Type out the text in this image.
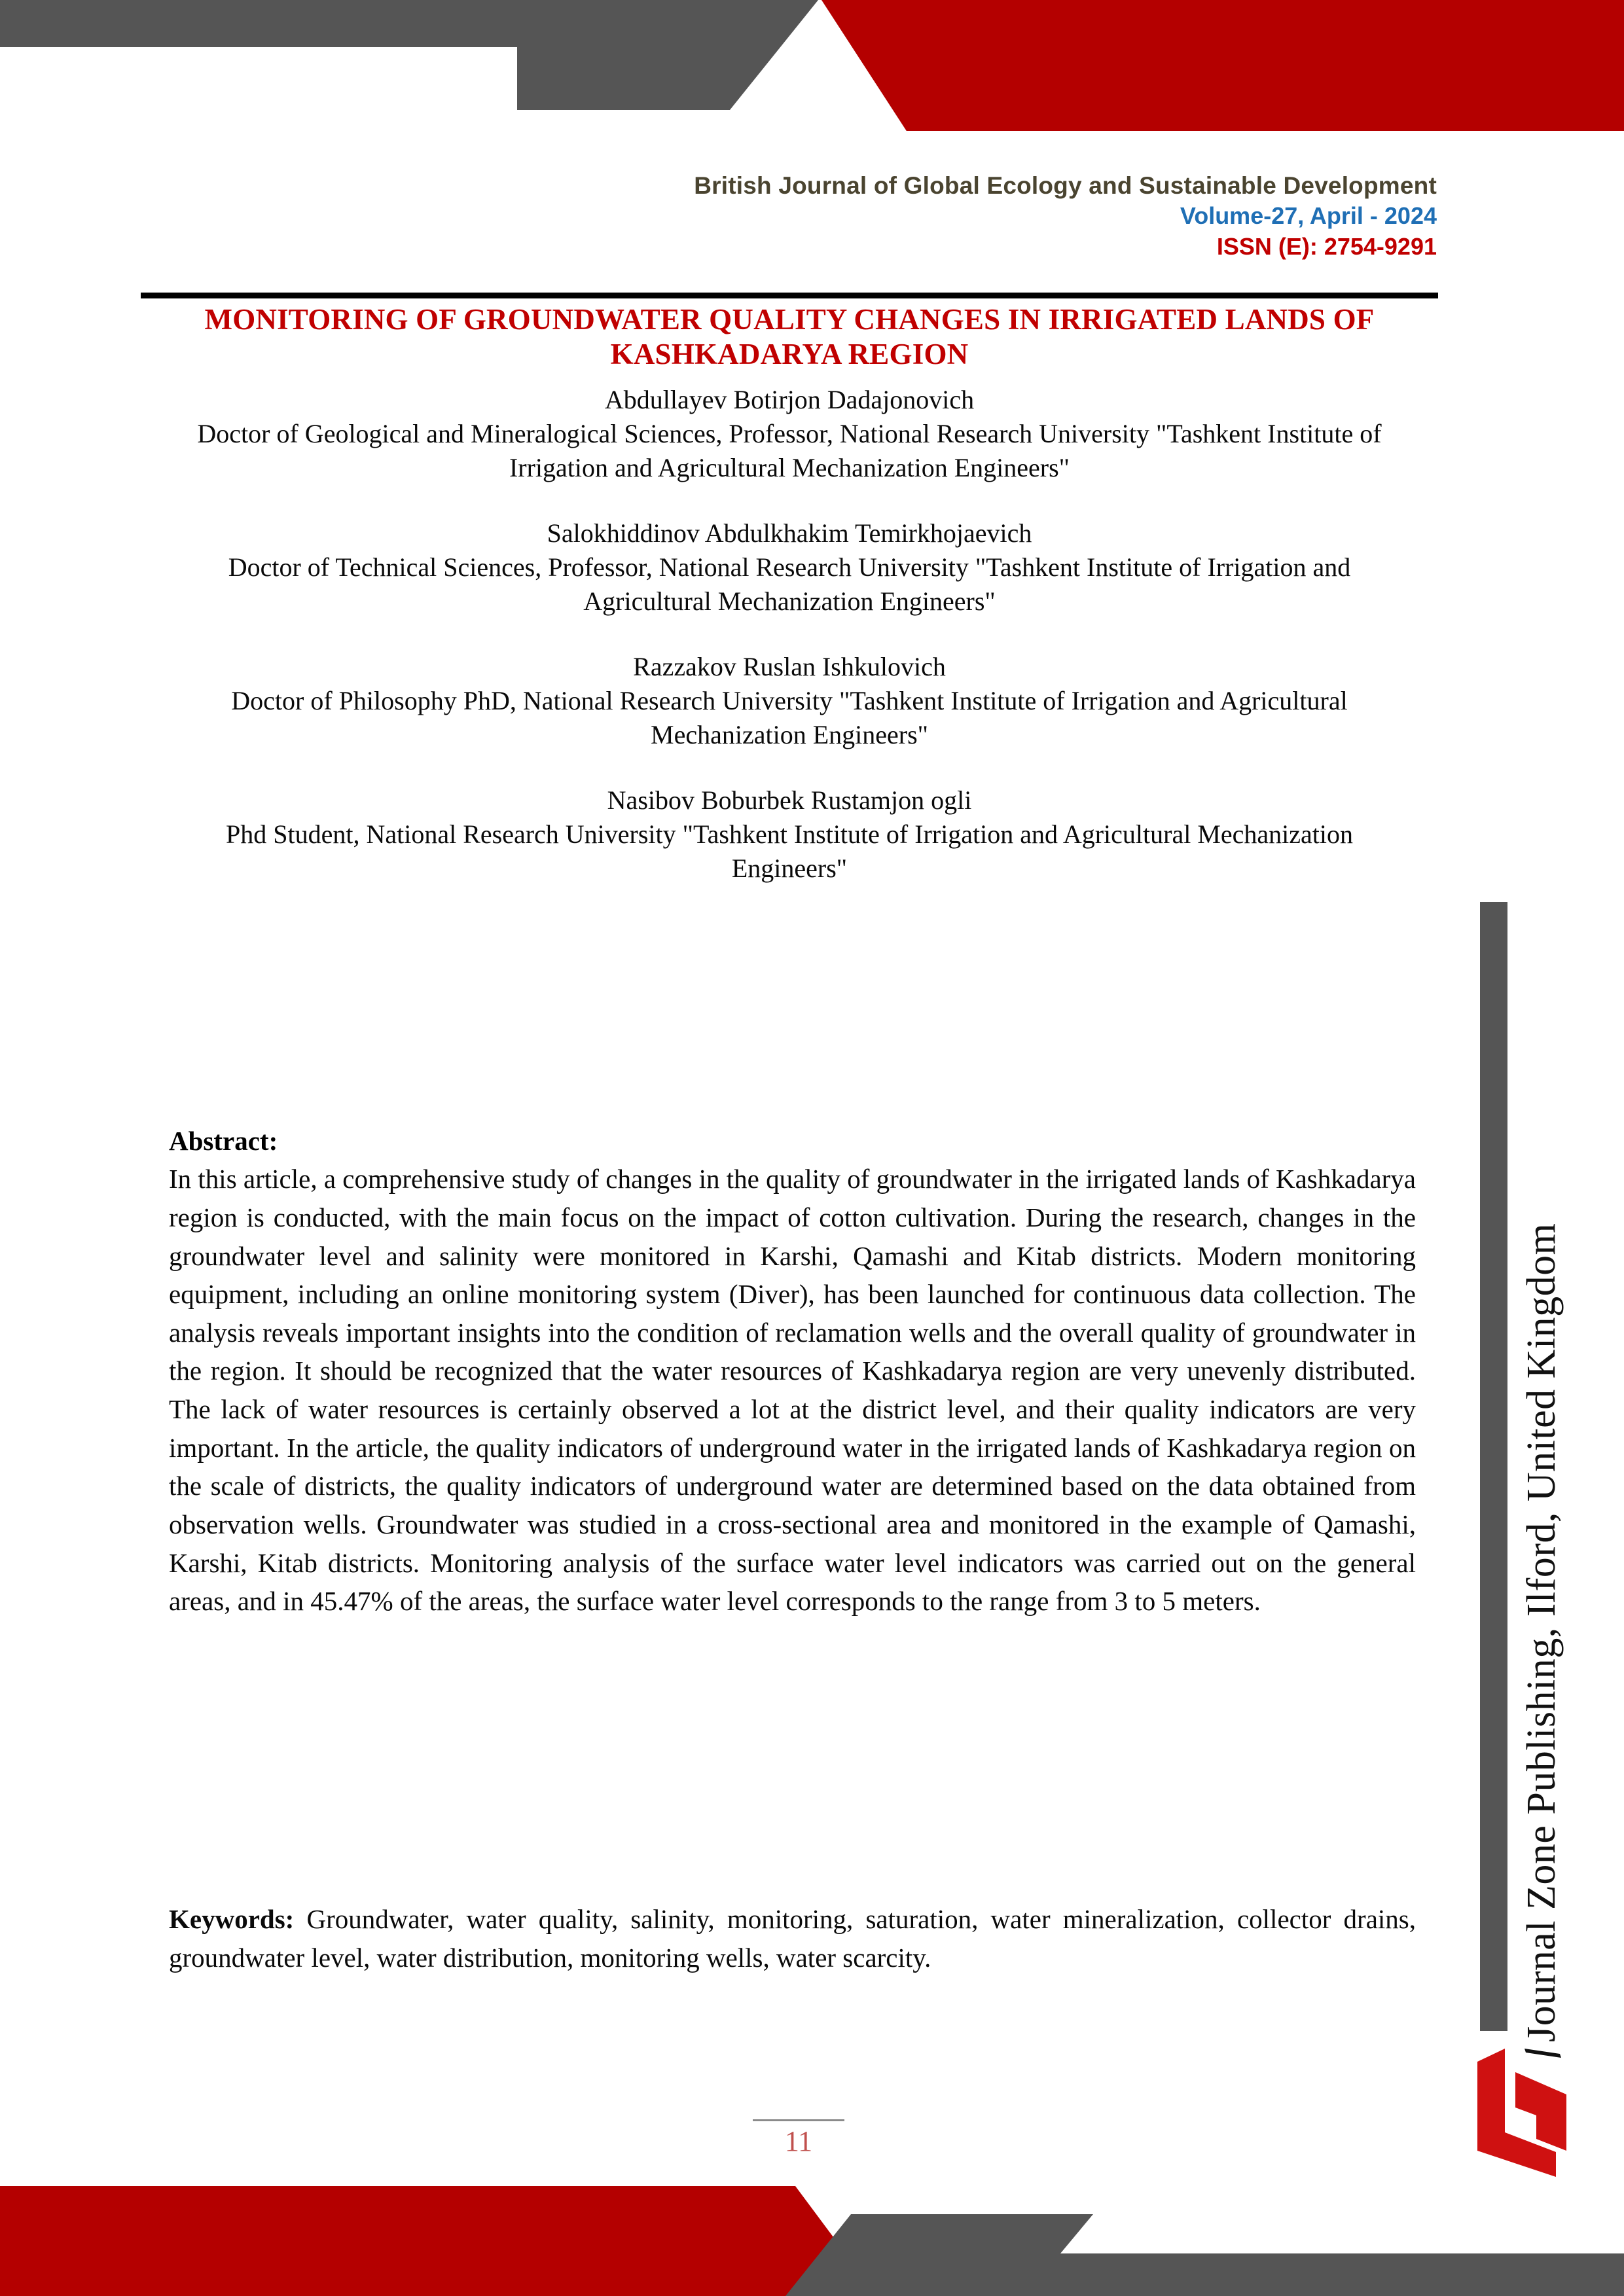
British Journal of Global Ecology and Sustainable Development
Volume-27, April - 2024
ISSN (E): 2754-9291
MONITORING OF GROUNDWATER QUALITY CHANGES IN IRRIGATED LANDS OF KASHKADARYA REGION
Abdullayev Botirjon Dadajonovich
Doctor of Geological and Mineralogical Sciences, Professor, National Research University "Tashkent Institute of Irrigation and Agricultural Mechanization Engineers"
Salokhiddinov Abdulkhakim Temirkhojaevich
Doctor of Technical Sciences, Professor, National Research University "Tashkent Institute of Irrigation and Agricultural Mechanization Engineers"
Razzakov Ruslan Ishkulovich
Doctor of Philosophy PhD, National Research University "Tashkent Institute of Irrigation and Agricultural Mechanization Engineers"
Nasibov Boburbek Rustamjon ogli
Phd Student, National Research University "Tashkent Institute of Irrigation and Agricultural Mechanization Engineers"
Abstract:
In this article, a comprehensive study of changes in the quality of groundwater in the irrigated lands of Kashkadarya region is conducted, with the main focus on the impact of cotton cultivation. During the research, changes in the groundwater level and salinity were monitored in Karshi, Qamashi and Kitab districts. Modern monitoring equipment, including an online monitoring system (Diver), has been launched for continuous data collection. The analysis reveals important insights into the condition of reclamation wells and the overall quality of groundwater in the region. It should be recognized that the water resources of Kashkadarya region are very unevenly distributed. The lack of water resources is certainly observed a lot at the district level, and their quality indicators are very important. In the article, the quality indicators of underground water in the irrigated lands of Kashkadarya region on the scale of districts, the quality indicators of underground water are determined based on the data obtained from observation wells. Groundwater was studied in a cross-sectional area and monitored in the example of Qamashi, Karshi, Kitab districts. Monitoring analysis of the surface water level indicators was carried out on the general areas, and in 45.47% of the areas, the surface water level corresponds to the range from 3 to 5 meters.
Keywords: Groundwater, water quality, salinity, monitoring, saturation, water mineralization, collector drains, groundwater level, water distribution, monitoring wells, water scarcity.	Journal Zone Publishing, Ilford, United Kingdom
11
